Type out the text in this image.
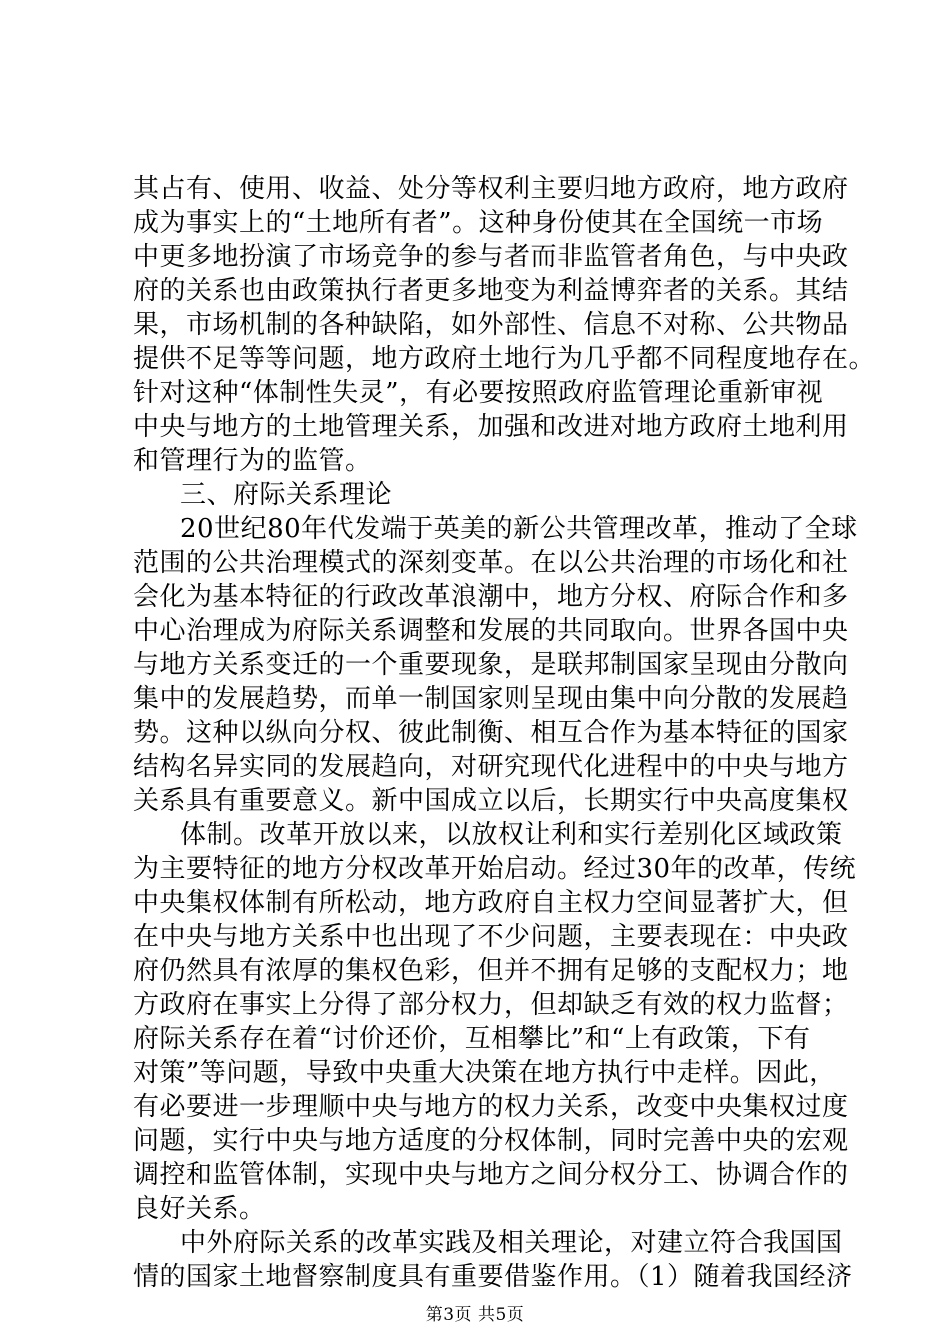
其占有、使用、收益、处分等权利主要归地方政府，地方政府
成为事实上的“土地所有者”。这种身份使其在全国统一市场
中更多地扮演了市场竞争的参与者而非监管者角色，与中央政
府的关系也由政策执行者更多地变为利益博弈者的关系。其结
果，市场机制的各种缺陷，如外部性、信息不对称、公共物品
提供不足等等问题，地方政府土地行为几乎都不同程度地存在。
针对这种“体制性失灵”，有必要按照政府监管理论重新审视
中央与地方的土地管理关系，加强和改进对地方政府土地利用
和管理行为的监管。
三、府际关系理论
20世纪80年代发端于英美的新公共管理改革，推动了全球
范围的公共治理模式的深刻变革。在以公共治理的市场化和社
会化为基本特征的行政改革浪潮中，地方分权、府际合作和多
中心治理成为府际关系调整和发展的共同取向。世界各国中央
与地方关系变迁的一个重要现象，是联邦制国家呈现由分散向
集中的发展趋势，而单一制国家则呈现由集中向分散的发展趋
势。这种以纵向分权、彼此制衡、相互合作为基本特征的国家
结构名异实同的发展趋向，对研究现代化进程中的中央与地方
关系具有重要意义。新中国成立以后，长期实行中央高度集权
体制。改革开放以来，以放权让利和实行差别化区域政策
为主要特征的地方分权改革开始启动。经过30年的改革，传统
中央集权体制有所松动，地方政府自主权力空间显著扩大，但
在中央与地方关系中也出现了不少问题，主要表现在：中央政
府仍然具有浓厚的集权色彩，但并不拥有足够的支配权力；地
方政府在事实上分得了部分权力，但却缺乏有效的权力监督；
府际关系存在着“讨价还价，互相攀比”和“上有政策，下有
对策”等问题，导致中央重大决策在地方执行中走样。因此，
有必要进一步理顺中央与地方的权力关系，改变中央集权过度
问题，实行中央与地方适度的分权体制，同时完善中央的宏观
调控和监管体制，实现中央与地方之间分权分工、协调合作的
良好关系。
中外府际关系的改革实践及相关理论，对建立符合我国国
情的国家土地督察制度具有重要借鉴作用。（1）随着我国经济
第3页 共5页
